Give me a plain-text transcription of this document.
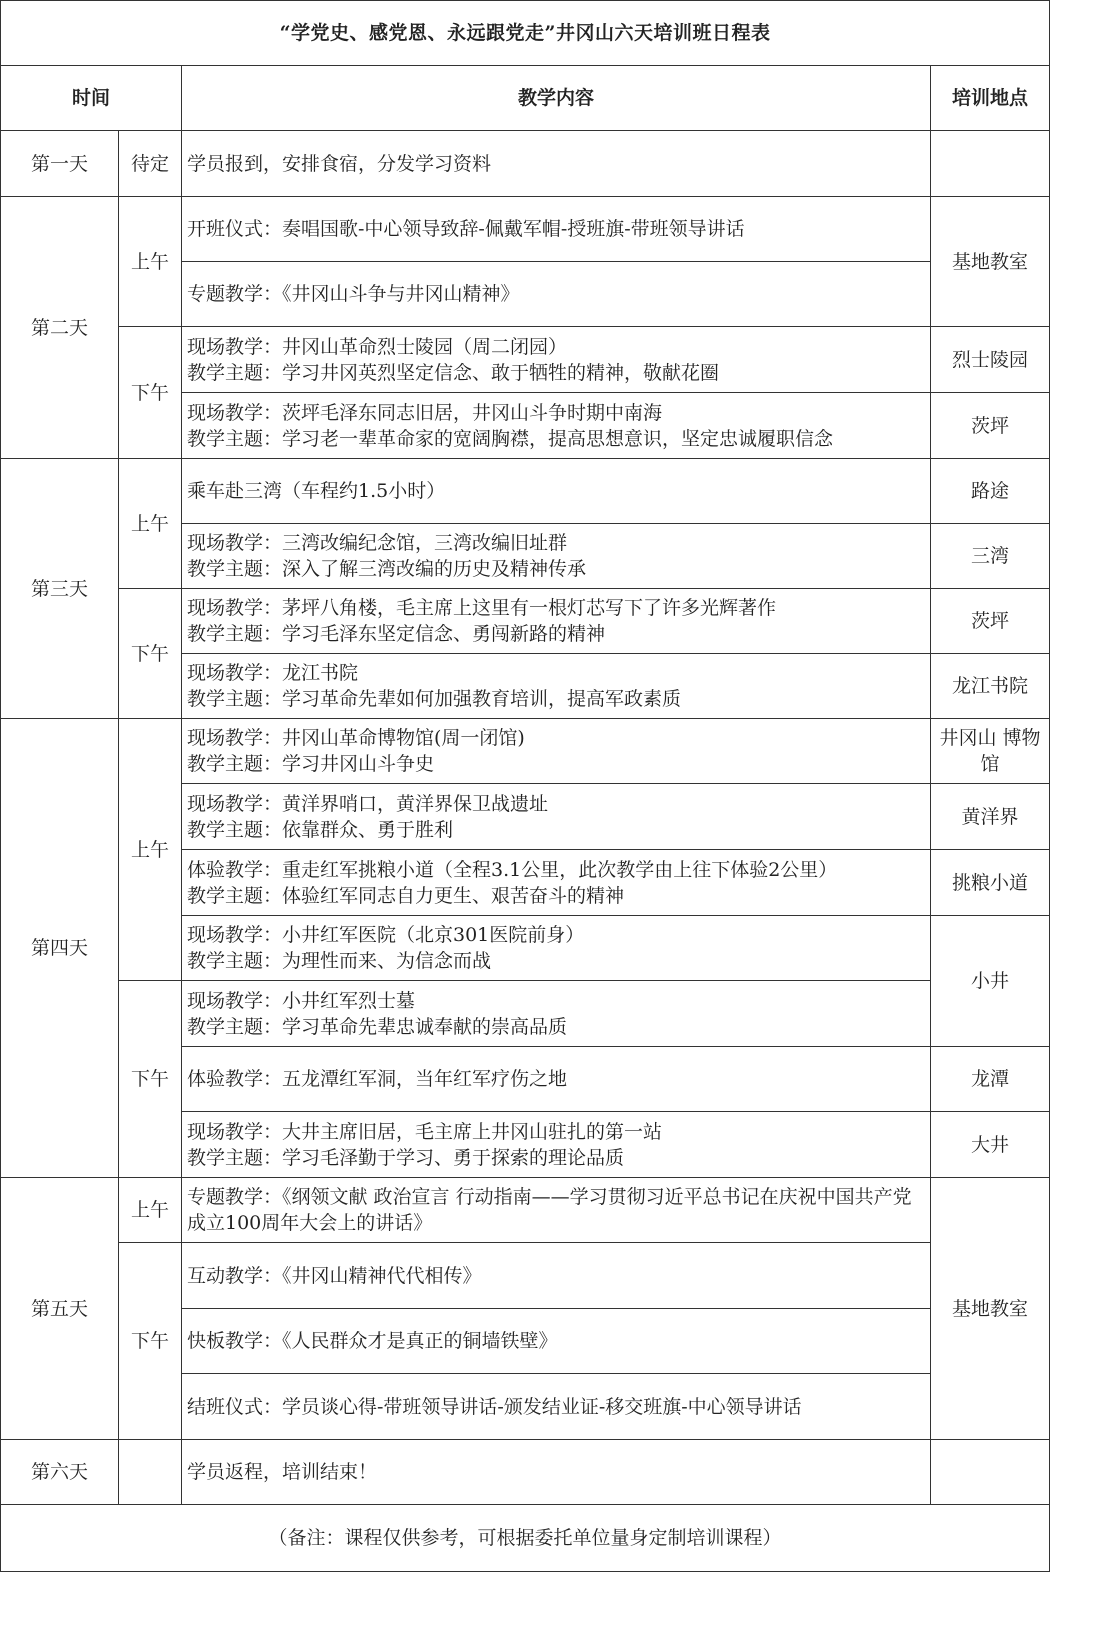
“学党史、感党恩、永远跟党走”井冈山六天培训班日程表			
时间		教学内容	培训地点
第一天	待定	学员报到，安排食宿，分发学习资料	

第二天	上午	开班仪式：奏唱国歌-中心领导致辞-佩戴军帽-授班旗-带班领导讲话	基地教室

		专题教学：《井冈山斗争与井冈山精神》	

	下午	现场教学：井冈山革命烈士陵园（周二闭园）
教学主题：学习井冈英烈坚定信念、敢于牺牲的精神，敬献花圈	烈士陵园

		现场教学：茨坪毛泽东同志旧居，井冈山斗争时期中南海
教学主题：学习老一辈革命家的宽阔胸襟，提高思想意识，坚定忠诚履职信念	茨坪
第三天	上午	乘车赴三湾（车程约1.5小时）	路途

		现场教学：三湾改编纪念馆，三湾改编旧址群
教学主题：深入了解三湾改编的历史及精神传承	三湾
	下午	现场教学：茅坪八角楼，毛主席上这里有一根灯芯写下了许多光辉著作
教学主题：学习毛泽东坚定信念、勇闯新路的精神	茨坪

		现场教学：龙江书院
教学主题：学习革命先辈如何加强教育培训，提高军政素质	龙江书院
第四天	上午	现场教学：井冈山革命博物馆(周一闭馆)
教学主题：学习井冈山斗争史	井冈山 博物馆

		现场教学：黄洋界哨口，黄洋界保卫战遗址
教学主题：依靠群众、勇于胜利	黄洋界

		体验教学：重走红军挑粮小道（全程3.1公里，此次教学由上往下体验2公里）
教学主题：体验红军同志自力更生、艰苦奋斗的精神	挑粮小道

		现场教学：小井红军医院（北京301医院前身）
教学主题：为理性而来、为信念而战	小井
	下午	现场教学：小井红军烈士墓
教学主题：学习革命先辈忠诚奉献的崇高品质	

		体验教学：五龙潭红军洞，当年红军疗伤之地	龙潭

		现场教学：大井主席旧居，毛主席上井冈山驻扎的第一站
教学主题：学习毛泽勤于学习、勇于探索的理论品质	大井
第五天	上午	专题教学：《纲领文献 政治宣言 行动指南——学习贯彻习近平总书记在庆祝中国共产党成立100周年大会上的讲话》	基地教室
	下午	互动教学：《井冈山精神代代相传》	

		快板教学：《人民群众才是真正的铜墙铁壁》	

		结班仪式：学员谈心得-带班领导讲话-颁发结业证-移交班旗-中心领导讲话	

第六天		学员返程，培训结束！	

（备注：课程仅供参考，可根据委托单位量身定制培训课程）			
